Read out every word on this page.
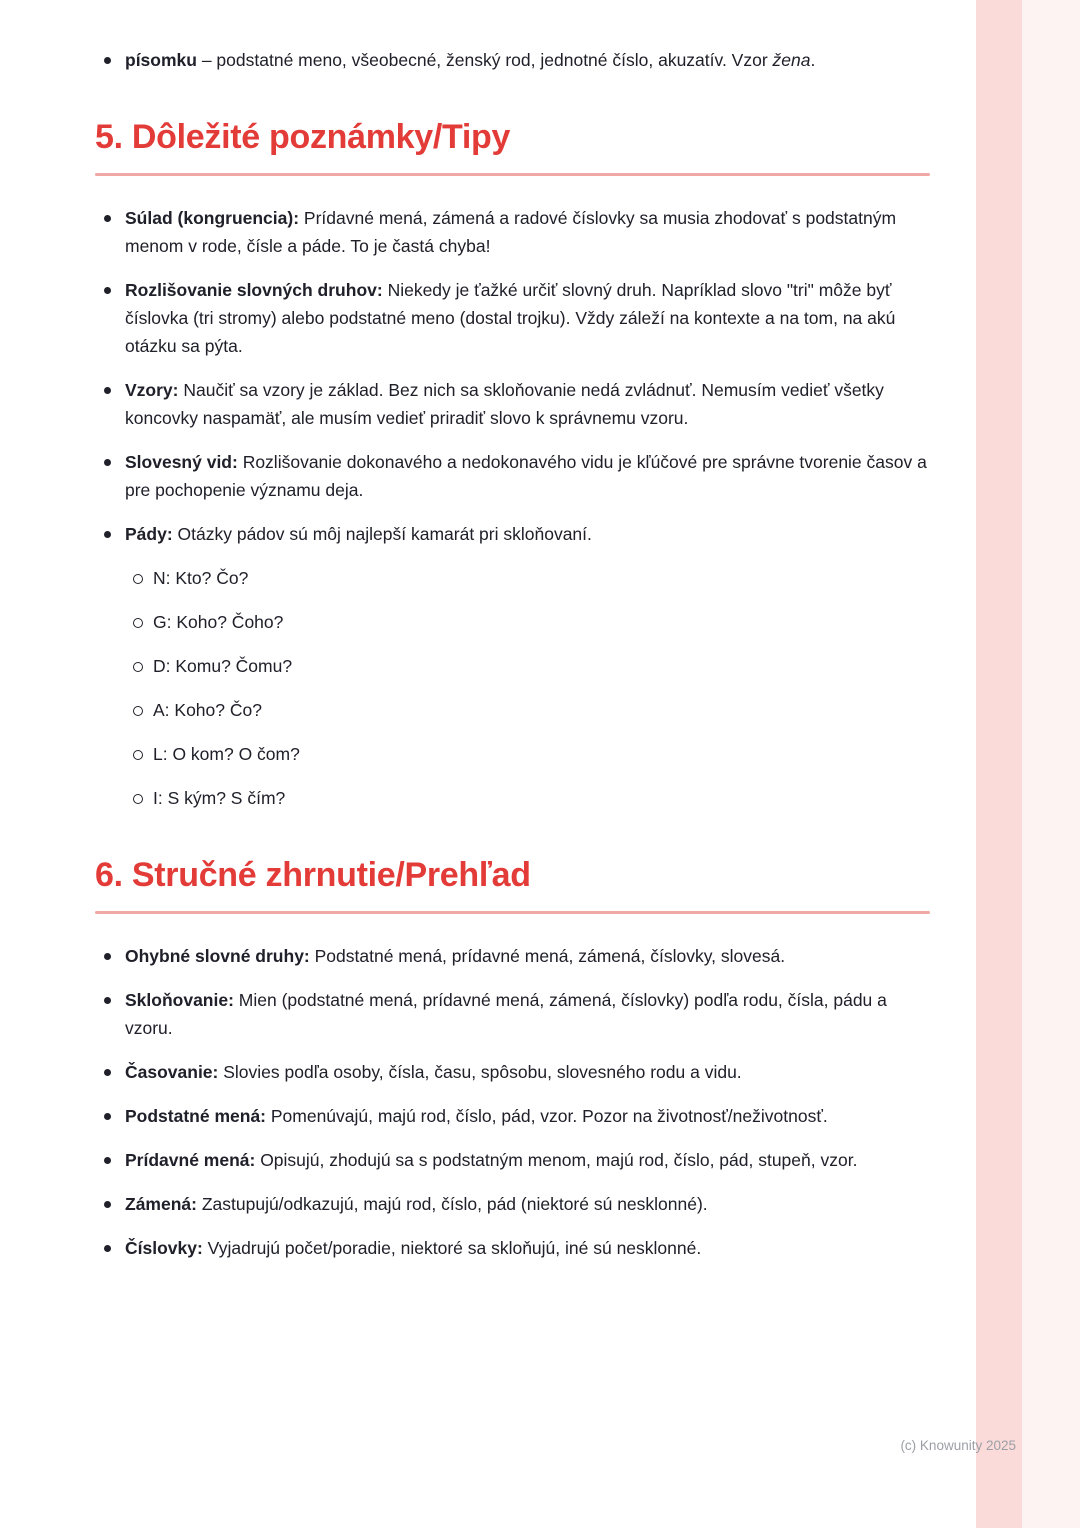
písomku – podstatné meno, všeobecné, ženský rod, jednotné číslo, akuzatív. Vzor žena.
5. Dôležité poznámky/Tipy
Súlad (kongruencia): Prídavné mená, zámená a radové číslovky sa musia zhodovať s podstatným menom v rode, čísle a páde. To je častá chyba!
Rozlišovanie slovných druhov: Niekedy je ťažké určiť slovný druh. Napríklad slovo "tri" môže byť číslovka (tri stromy) alebo podstatné meno (dostal trojku). Vždy záleží na kontexte a na tom, na akú otázku sa pýta.
Vzory: Naučiť sa vzory je základ. Bez nich sa skloňovanie nedá zvládnuť. Nemusím vedieť všetky koncovky naspamäť, ale musím vedieť priradiť slovo k správnemu vzoru.
Slovesný vid: Rozlišovanie dokonavého a nedokonavého vidu je kľúčové pre správne tvorenie časov a pre pochopenie významu deja.
Pády: Otázky pádov sú môj najlepší kamarát pri skloňovaní.
N: Kto? Čo?
G: Koho? Čoho?
D: Komu? Čomu?
A: Koho? Čo?
L: O kom? O čom?
I: S kým? S čím?
6. Stručné zhrnutie/Prehľad
Ohybné slovné druhy: Podstatné mená, prídavné mená, zámená, číslovky, slovesá.
Skloňovanie: Mien (podstatné mená, prídavné mená, zámená, číslovky) podľa rodu, čísla, pádu a vzoru.
Časovanie: Slovies podľa osoby, čísla, času, spôsobu, slovesného rodu a vidu.
Podstatné mená: Pomenúvajú, majú rod, číslo, pád, vzor. Pozor na životnosť/neživotnosť.
Prídavné mená: Opisujú, zhodujú sa s podstatným menom, majú rod, číslo, pád, stupeň, vzor.
Zámená: Zastupujú/odkazujú, majú rod, číslo, pád (niektoré sú nesklonné).
Číslovky: Vyjadrujú počet/poradie, niektoré sa skloňujú, iné sú nesklonné.
(c) Knowunity 2025
